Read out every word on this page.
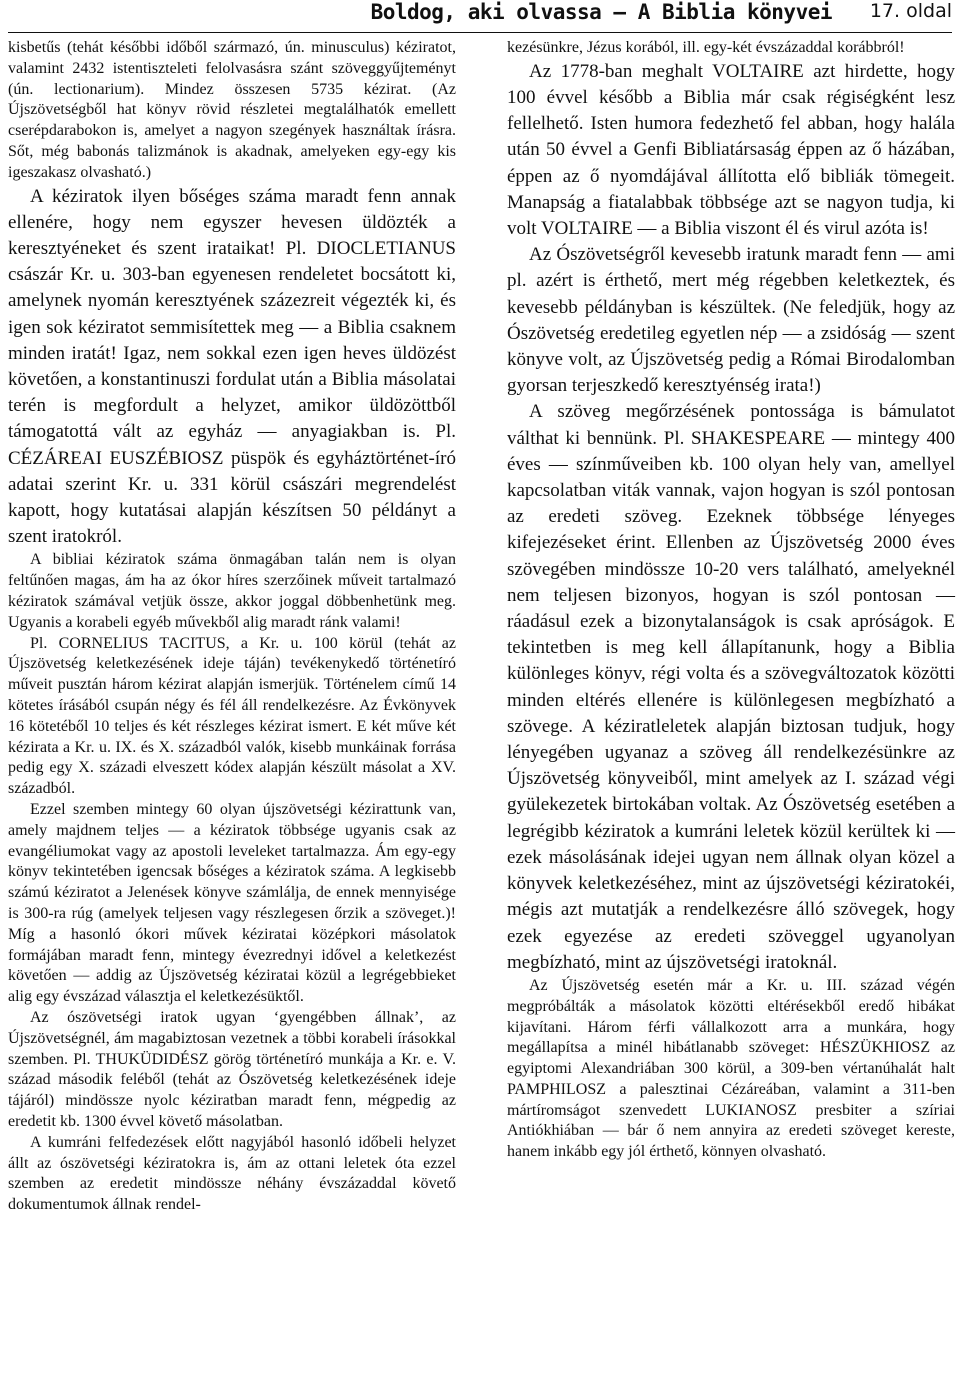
Boldog, aki olvassa — A Biblia könyvei 17. oldal

kisbetűs (tehát későbbi időből származó, ún. minusculus) kéziratot, valamint 2432 istentiszteleti felolvasásra szánt szöveggyűjteményt (ún. lectionarium). Mindez összesen 5735 kézirat. (Az Újszövetségből hat könyv rövid részletei megtalálhatók emellett cserépdarabokon is, amelyet a nagyon szegények használtak írásra. Sőt, még babonás talizmánok is akadnak, amelyeken egy-egy kis igeszakasz olvasható.)

A kéziratok ilyen bőséges száma maradt fenn annak ellenére, hogy nem egyszer hevesen üldözték a keresztyéneket és szent irataikat! Pl. DIOCLETIANUS császár Kr. u. 303-ban egyenesen rendeletet bocsátott ki, amelynek nyomán keresztyének százezreit végezték ki, és igen sok kéziratot semmisítettek meg — a Biblia csaknem minden iratát! Igaz, nem sokkal ezen igen heves üldözést követően, a konstantinuszi fordulat után a Biblia másolatai terén is megfordult a helyzet, amikor üldözöttből támogatottá vált az egyház — anyagiakban is. Pl. CÉZÁREAI EUSZÉBIOSZ püspök és egyháztörténet-író adatai szerint Kr. u. 331 körül császári megrendelést kapott, hogy kutatásai alapján készítsen 50 példányt a szent iratokról.

A bibliai kéziratok száma önmagában talán nem is olyan feltűnően magas, ám ha az ókor híres szerzőinek műveit tartalmazó kéziratok számával vetjük össze, akkor joggal döbbenhetünk meg. Ugyanis a korabeli egyéb művekből alig maradt ránk valami!

Pl. CORNELIUS TACITUS, a Kr. u. 100 körül (tehát az Újszövetség keletkezésének ideje táján) tevékenykedő történetíró műveit pusztán három kézirat alapján ismerjük. Történelem című 14 kötetes írásából csupán négy és fél áll rendelkezésre. Az Évkönyvek 16 kötetéből 10 teljes és két részleges kézirat ismert. E két műve két kézirata a Kr. u. IX. és X. századból valók, kisebb munkáinak forrása pedig egy X. századi elveszett kódex alapján készült másolat a XV. századból.

Ezzel szemben mintegy 60 olyan újszövetségi kézirattunk van, amely majdnem teljes — a kéziratok többsége ugyanis csak az evangéliumokat vagy az apostoli leveleket tartalmazza. Ám egy-egy könyv tekintetében igencsak bőséges a kéziratok száma. A legkisebb számú kéziratot a Jelenések könyve számlálja, de ennek mennyisége is 300-ra rúg (amelyek teljesen vagy részlegesen őrzik a szöveget.)! Míg a hasonló ókori művek kéziratai középkori másolatok formájában maradt fenn, mintegy évezrednyi idővel a keletkezést követően — addig az Újszövetség kéziratai közül a legrégebbieket alig egy évszázad választja el keletkezésüktől.

Az ószövetségi iratok ugyan ‘gyengébben állnak’, az Újszövetségnél, ám magabiztosan vezetnek a többi korabeli írásokkal szemben. Pl. THUKÜDIDÉSZ görög történetíró munkája a Kr. e. V. század második feléből (tehát az Ószövetség keletkezésének ideje tájáról) mindössze nyolc kéziratban maradt fenn, mégpedig az eredetit kb. 1300 évvel követő másolatban.

A kumráni felfedezések előtt nagyjából hasonló időbeli helyzet állt az ószövetségi kéziratokra is, ám az ottani leletek óta ezzel szemben az eredetit mindössze néhány évszázaddal követő dokumentumok állnak rendel-

kezésünkre, Jézus korából, ill. egy-két évszázaddal korábbról!

Az 1778-ban meghalt VOLTAIRE azt hirdette, hogy 100 évvel később a Biblia már csak régiségként lesz fellelhető. Isten humora fedezhető fel abban, hogy halála után 50 évvel a Genfi Bibliatársaság éppen az ő házában, éppen az ő nyomdájával állította elő bibliák tömegeit. Manapság a fiatalabbak többsége azt se nagyon tudja, ki volt VOLTAIRE — a Biblia viszont él és virul azóta is!

Az Ószövetségről kevesebb iratunk maradt fenn — ami pl. azért is érthető, mert még régebben keletkeztek, és kevesebb példányban is készültek. (Ne feledjük, hogy az Ószövetség eredetileg egyetlen nép — a zsidóság — szent könyve volt, az Újszövetség pedig a Római Birodalomban gyorsan terjeszkedő keresztyénség irata!)

A szöveg megőrzésének pontossága is bámulatot válthat ki bennünk. Pl. SHAKESPEARE — mintegy 400 éves — színműveiben kb. 100 olyan hely van, amellyel kapcsolatban viták vannak, vajon hogyan is szól pontosan az eredeti szöveg. Ezeknek többsége lényeges kifejezéseket érint. Ellenben az Újszövetség 2000 éves szövegében mindössze 10-20 vers található, amelyeknél nem teljesen bizonyos, hogyan is szól pontosan — ráadásul ezek a bizonytalanságok is csak apróságok. E tekintetben is meg kell állapítanunk, hogy a Biblia különleges könyv, régi volta és a szövegváltozatok közötti minden eltérés ellenére is különlegesen megbízható a szövege. A kéziratleletek alapján biztosan tudjuk, hogy lényegében ugyanaz a szöveg áll rendelkezésünkre az Újszövetség könyveiből, mint amelyek az I. század végi gyülekezetek birtokában voltak. Az Ószövetség esetében a legrégibb kéziratok a kumráni leletek közül kerültek ki — ezek másolásának idejei ugyan nem állnak olyan közel a könyvek keletkezéséhez, mint az újszövetségi kéziratokéi, mégis azt mutatják a rendelkezésre álló szövegek, hogy ezek egyezése az eredeti szöveggel ugyanolyan megbízható, mint az újszövetségi iratoknál.

Az Újszövetség esetén már a Kr. u. III. század végén megpróbálták a másolatok közötti eltérésekből eredő hibákat kijavítani. Három férfi vállalkozott arra a munkára, hogy megállapítsa a minél hibátlanabb szöveget: HÉSZÜKHIOSZ az egyiptomi Alexandriában 300 körül, a 309-ben vértanúhalát halt PAMPHILOSZ a palesztinai Cézáreában, valamint a 311-ben mártíromságot szenvedett LUKIANOSZ presbiter a szíriai Antiókhiában — bár ő nem annyira az eredeti szöveget kereste, hanem inkább egy jól érthető, könnyen olvasható.
